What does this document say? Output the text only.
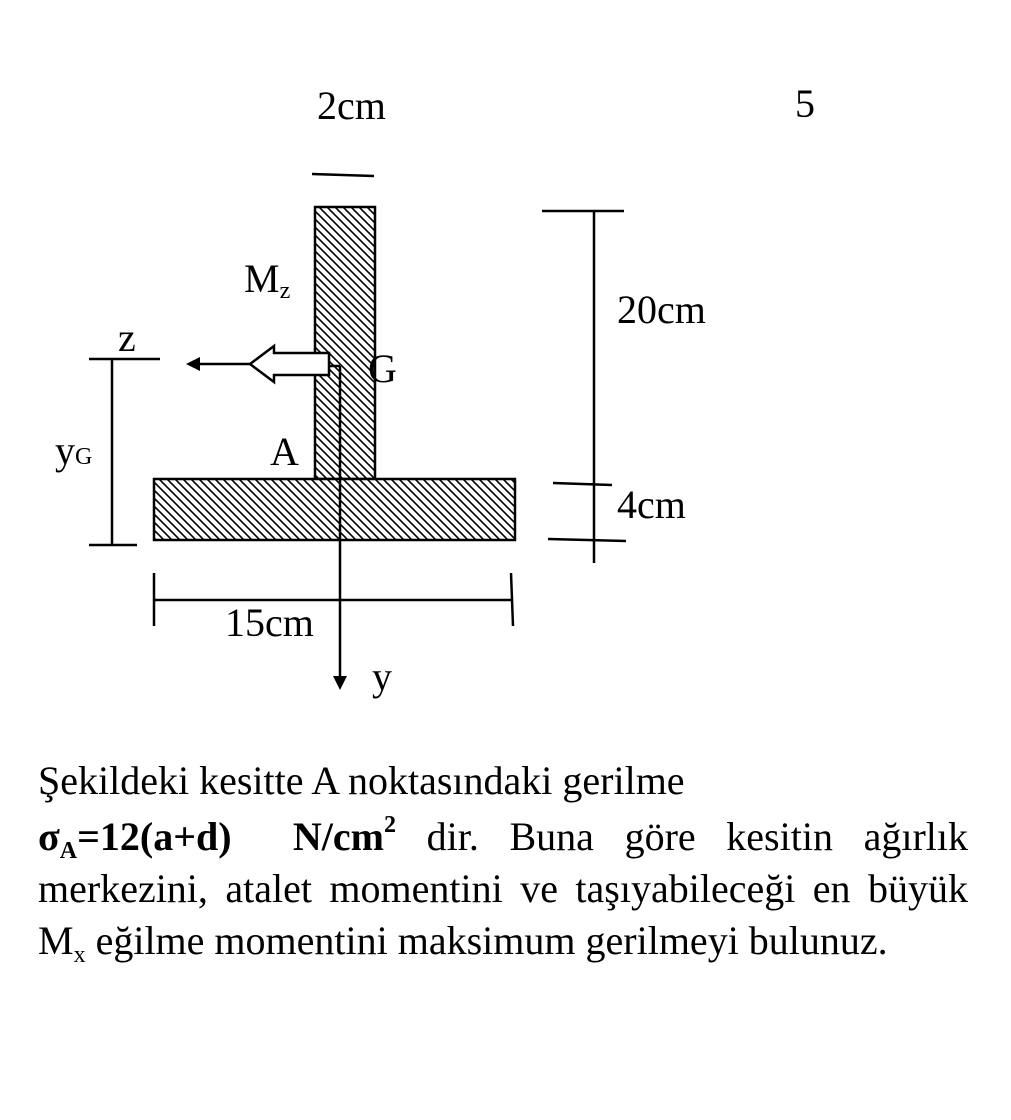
5
2cm
20cm
4cm
15cm
y
z
Mz
G
A
yG
Şekildeki kesitte A noktasındaki gerilme

$\sigma_A=12(a+d)$ $N/cm^2$ dir. Buna göre kesitin ağırlık merkezini, atalet momentini ve taşıyabileceği en büyük $M_x$ eğilme momentini maksimum gerilmeyi bulunuz.
